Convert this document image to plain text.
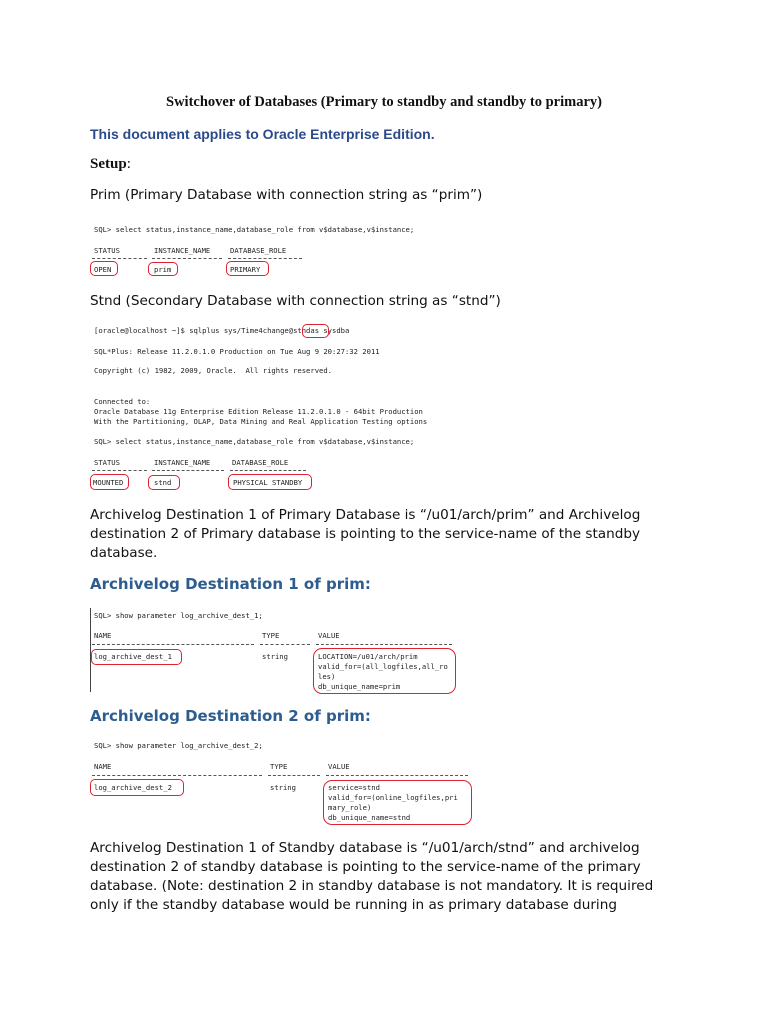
Switchover of Databases (Primary to standby and standby to primary)
This document applies to Oracle Enterprise Edition.
Setup:
Prim (Primary Database with connection string as “prim”)
SQL> select status,instance_name,database_role from v$database,v$instance;
STATUS	INSTANCE_NAME	DATABASE_ROLE
OPEN	prim	PRIMARY
Stnd (Secondary Database with connection string as “stnd”)
[oracle@localhost ~]$ sqlplus sys/Time4change@stndas sysdba
SQL*Plus: Release 11.2.0.1.0 Production on Tue Aug 9 20:27:32 2011
Copyright (c) 1982, 2009, Oracle.  All rights reserved.
Connected to:
Oracle Database 11g Enterprise Edition Release 11.2.0.1.0 - 64bit Production
With the Partitioning, OLAP, Data Mining and Real Application Testing options
SQL> select status,instance_name,database_role from v$database,v$instance;
STATUS	INSTANCE_NAME	DATABASE_ROLE
MOUNTED	stnd	PHYSICAL STANDBY
Archivelog Destination 1 of Primary Database is “/u01/arch/prim” and Archivelog destination 2 of Primary database is pointing to the service-name of the standby database.
Archivelog Destination 1 of prim:
SQL> show parameter log_archive_dest_1;
NAME	TYPE	VALUE
log_archive_dest_1	string	LOCATION=/u01/arch/prim
valid_for=(all_logfiles,all_ro
les)
db_unique_name=prim
Archivelog Destination 2 of prim:
SQL> show parameter log_archive_dest_2;
NAME	TYPE	VALUE
log_archive_dest_2	string	service=stnd
valid_for=(online_logfiles,pri
mary_role)
db_unique_name=stnd
Archivelog Destination 1 of Standby database is “/u01/arch/stnd” and archivelog destination 2 of standby database is pointing to the service-name of the primary database. (Note: destination 2 in standby database is not mandatory. It is required only if the standby database would be running in as primary database during
